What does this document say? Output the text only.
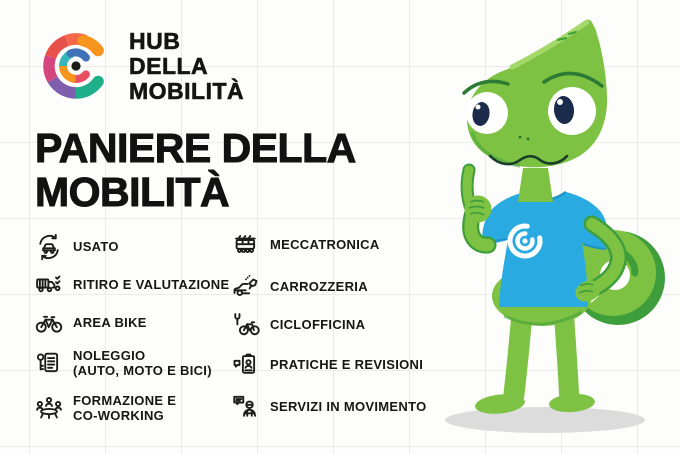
HUB
DELLA
MOBILITÀ
PANIERE DELLA
MOBILITÀ
USATO
RITIRO E VALUTAZIONE
AREA BIKE
NOLEGGIO
(AUTO, MOTO E BICI)
FORMAZIONE E
CO-WORKING
MECCATRONICA
CARROZZERIA
CICLOFFICINA
PRATICHE E REVISIONI
SERVIZI IN MOVIMENTO
